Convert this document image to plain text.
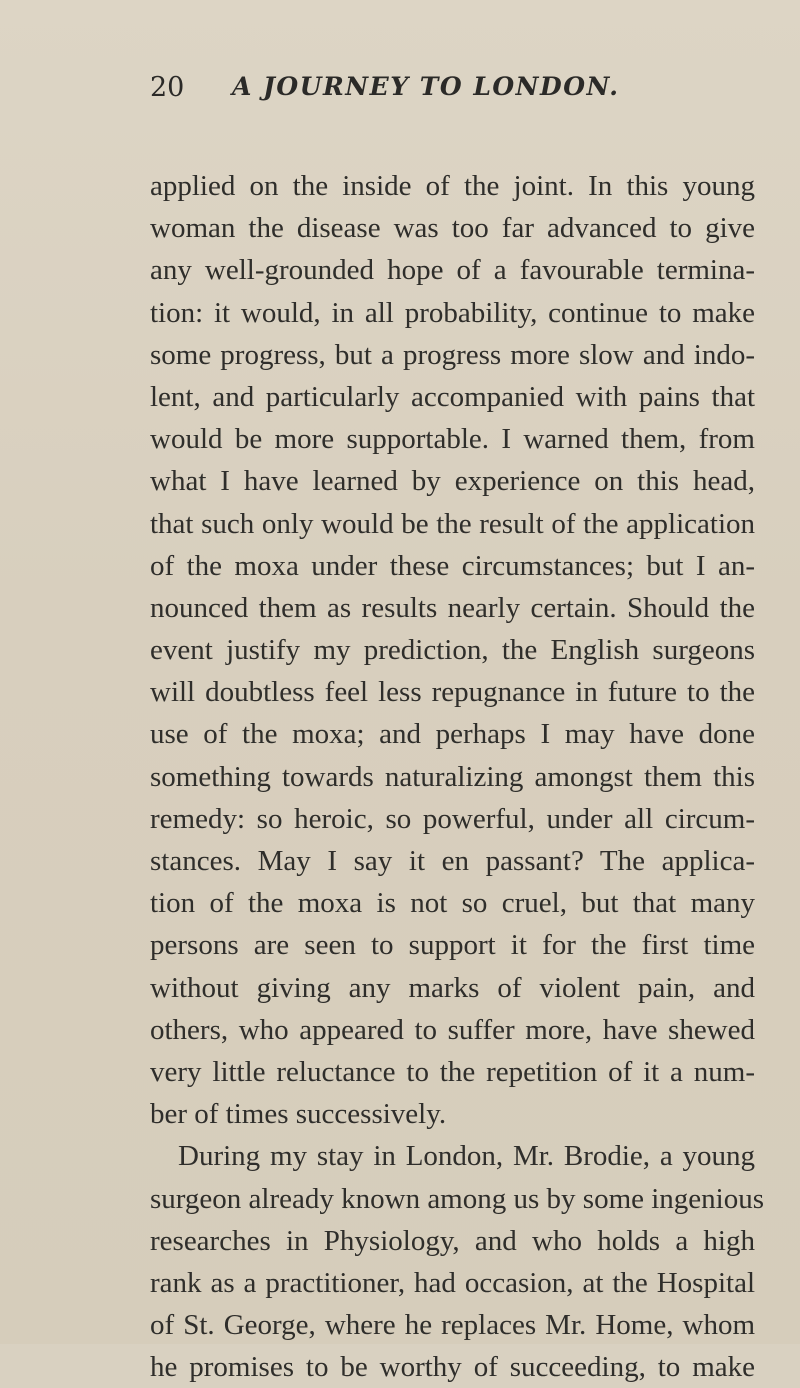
20 A JOURNEY TO LONDON.
applied on the inside of the joint. In this young
woman the disease was too far advanced to give
any well-grounded hope of a favourable termina-
tion: it would, in all probability, continue to make
some progress, but a progress more slow and indo-
lent, and particularly accompanied with pains that
would be more supportable. I warned them, from
what I have learned by experience on this head,
that such only would be the result of the application
of the moxa under these circumstances; but I an-
nounced them as results nearly certain. Should the
event justify my prediction, the English surgeons
will doubtless feel less repugnance in future to the
use of the moxa; and perhaps I may have done
something towards naturalizing amongst them this
remedy: so heroic, so powerful, under all circum-
stances. May I say it en passant? The applica-
tion of the moxa is not so cruel, but that many
persons are seen to support it for the first time
without giving any marks of violent pain, and
others, who appeared to suffer more, have shewed
very little reluctance to the repetition of it a num-
ber of times successively.
During my stay in London, Mr. Brodie, a young
surgeon already known among us by some ingenious
researches in Physiology, and who holds a high
rank as a practitioner, had occasion, at the Hospital
of St. George, where he replaces Mr. Home, whom
he promises to be worthy of succeeding, to make
